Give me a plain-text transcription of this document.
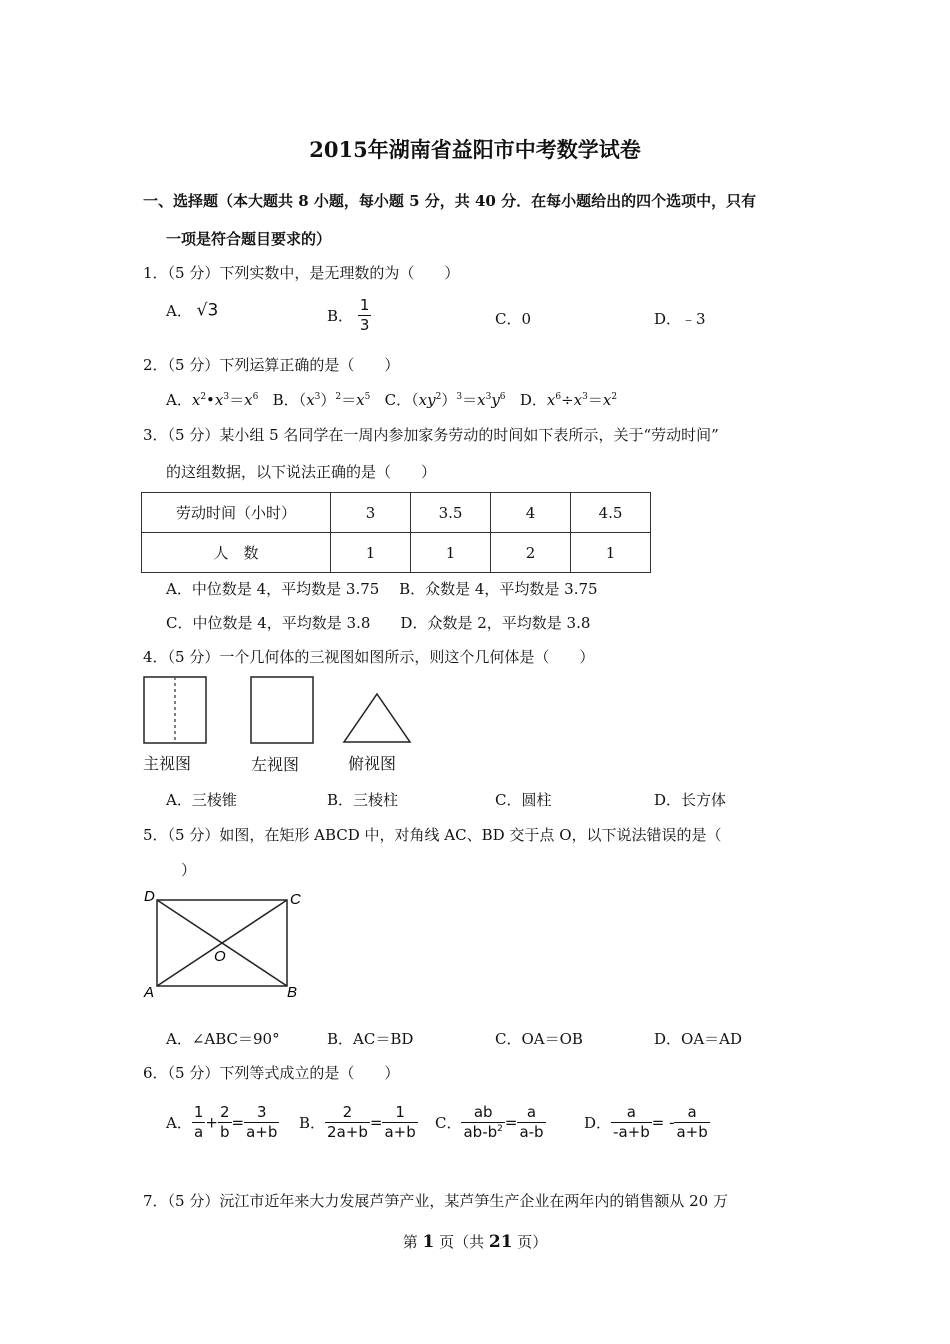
2015年湖南省益阳市中考数学试卷
一、选择题（本大题共 8 小题，每小题 5 分，共 40 分．在每小题给出的四个选项中，只有
一项是符合题目要求的）
1．（5 分）下列实数中，是无理数的为（　　）
A． √3	B． $\frac{1}{3}$	C．0	D．﹣3
2．（5 分）下列运算正确的是（　　）
A．$x^2•x^3=x^6$ B．$(x^3)^2=x^5$ C．$(xy^2)^3=x^3y^6$ D．$x^6\div x^3=x^2$
3．（5 分）某小组 5 名同学在一周内参加家务劳动的时间如下表所示，关于“劳动时间”
的这组数据，以下说法正确的是（　　）
劳动时间（小时）	3	3.5	4	4.5
人　数	1	1	2	1
A．中位数是 4，平均数是 3.75　 B．众数是 4，平均数是 3.75
C．中位数是 4，平均数是 3.8　　D．众数是 2，平均数是 3.8
4．（5 分）一个几何体的三视图如图所示，则这个几何体是（　　）
主视图	左视图	俯视图
A．三棱锥	B．三棱柱	C．圆柱	D．长方体
5．（5 分）如图，在矩形 ABCD 中，对角线 AC、BD 交于点 O，以下说法错误的是（
）
D	C
A	B
O
A．∠ABC＝90°	B．AC＝BD	C．OA＝OB	D．OA＝AD
6．（5 分）下列等式成立的是（　　）
A． $\frac{1}{a} + \frac{2}{b} = \frac{3}{a+b}$ B． $\frac{2}{2a+b} = \frac{1}{a+b}$ C． $\frac{ab}{ab-b^2} = \frac{a}{a-b}$	D． $\frac{a}{-a+b}$ = - $\frac{a}{a+b}$
7．（5 分）沅江市近年来大力发展芦笋产业，某芦笋生产企业在两年内的销售额从 20 万
第 1 页（共 21 页）
